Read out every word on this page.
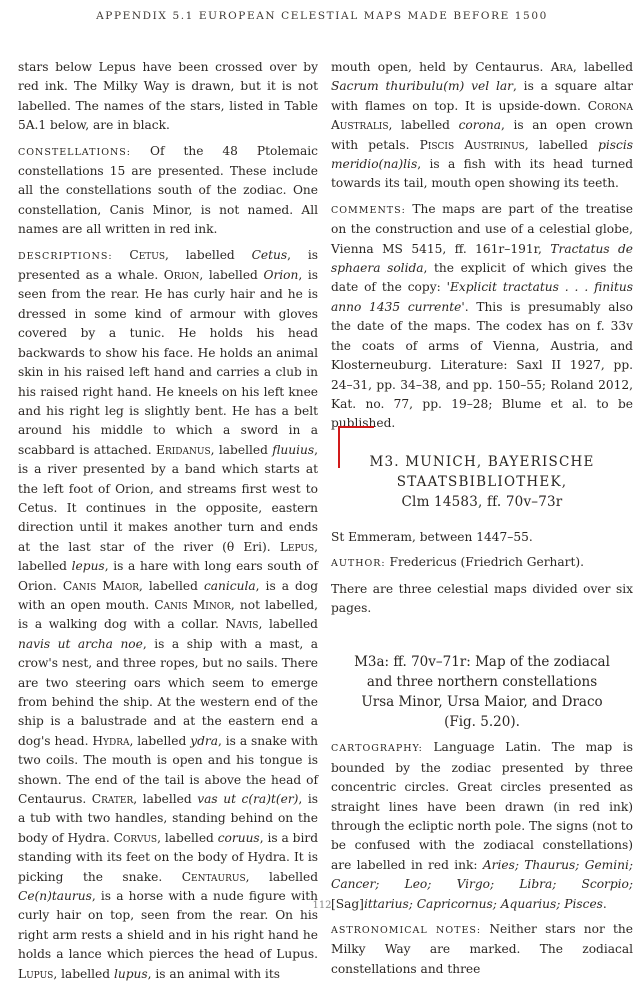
APPENDIX 5.1 EUROPEAN CELESTIAL MAPS MADE BEFORE 1500

stars below Lepus have been crossed over by red ink. The Milky Way is drawn, but it is not labelled. The names of the stars, listed in Table 5A.1 below, are in black.

CONSTELLATIONS: Of the 48 Ptolemaic constellations 15 are presented. These include all the constellations south of the zodiac. One constellation, Canis Minor, is not named. All names are all written in red ink.

DESCRIPTIONS: Cetus, labelled Cetus, is presented as a whale. Orion, labelled Orion, is seen from the rear. He has curly hair and he is dressed in some kind of armour with gloves covered by a tunic. He holds his head backwards to show his face. He holds an animal skin in his raised left hand and carries a club in his raised right hand. He kneels on his left knee and his right leg is slightly bent. He has a belt around his middle to which a sword in a scabbard is attached. Eridanus, labelled fluuius, is a river presented by a band which starts at the left foot of Orion, and streams first west to Cetus. It continues in the opposite, eastern direction until it makes another turn and ends at the last star of the river (θ Eri). Lepus, labelled lepus, is a hare with long ears south of Orion. Canis Maior, labelled canicula, is a dog with an open mouth. Canis Minor, not labelled, is a walking dog with a collar. Navis, labelled navis ut archa noe, is a ship with a mast, a crow's nest, and three ropes, but no sails. There are two steering oars which seem to emerge from behind the ship. At the western end of the ship is a balustrade and at the eastern end a dog's head. Hydra, labelled ydra, is a snake with two coils. The mouth is open and his tongue is shown. The end of the tail is above the head of Centaurus. Crater, labelled vas ut c(ra)t(er), is a tub with two handles, standing behind on the body of Hydra. Corvus, labelled coruus, is a bird standing with its feet on the body of Hydra. It is picking the snake. Centaurus, labelled Ce(n)taurus, is a horse with a nude figure with curly hair on top, seen from the rear. On his right arm rests a shield and in his right hand he holds a lance which pierces the head of Lupus. Lupus, labelled lupus, is an animal with its

mouth open, held by Centaurus. Ara, labelled Sacrum thuribulu(m) vel lar, is a square altar with flames on top. It is upside-down. Corona Australis, labelled corona, is an open crown with petals. Piscis Austrinus, labelled piscis meridio(na)lis, is a fish with its head turned towards its tail, mouth open showing its teeth.

COMMENTS: The maps are part of the treatise on the construction and use of a celestial globe, Vienna MS 5415, ff. 161r–191r, Tractatus de sphaera solida, the explicit of which gives the date of the copy: 'Explicit tractatus . . . finitus anno 1435 currente'. This is presumably also the date of the maps. The codex has on f. 33v the coats of arms of Vienna, Austria, and Klosterneuburg. Literature: Saxl II 1927, pp. 24–31, pp. 34–38, and pp. 150–55; Roland 2012, Kat. no. 77, pp. 19–28; Blume et al. to be published.

M3. MUNICH, BAYERISCHE
STAATSBIBLIOTHEK,
Clm 14583, ff. 70v–73r

St Emmeram, between 1447–55.

AUTHOR: Fredericus (Friedrich Gerhart).

There are three celestial maps divided over six pages.

M3a: ff. 70v–71r: Map of the zodiacal
and three northern constellations
Ursa Minor, Ursa Maior, and Draco
(Fig. 5.20).

CARTOGRAPHY: Language Latin. The map is bounded by the zodiac presented by three concentric circles. Great circles presented as straight lines have been drawn (in red ink) through the ecliptic north pole. The signs (not to be confused with the zodiacal constellations) are labelled in red ink: Aries; Thaurus; Gemini; Cancer; Leo; Virgo; Libra; Scorpio; [Sag]ittarius; Capricornus; Aquarius; Pisces.

ASTRONOMICAL NOTES: Neither stars nor the Milky Way are marked. The zodiacal constellations and three

112
